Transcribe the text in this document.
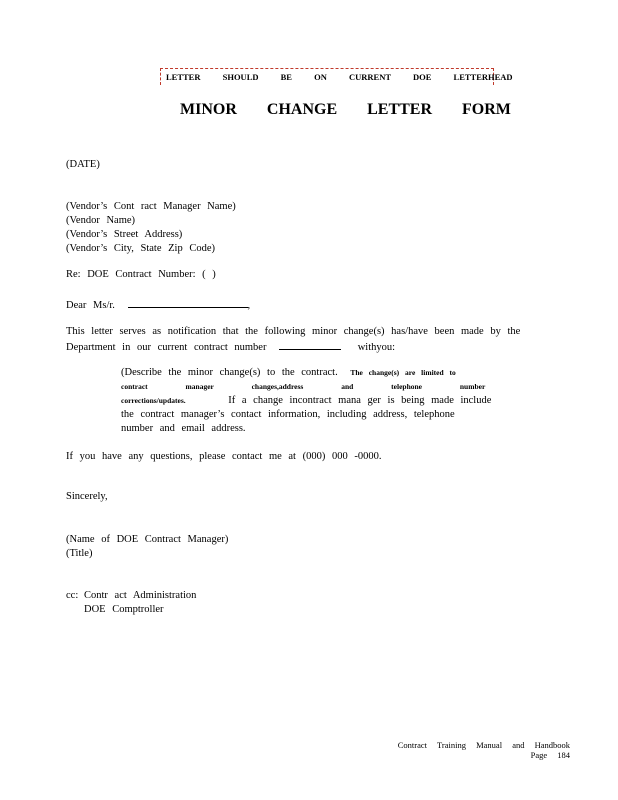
LETTER SHOULD BE ON CURRENT DOE LETTERHEAD
MINOR CHANGE LETTER FORM
(DATE)
(Vendor’s Cont ract Manager Name)
(Vendor Name)
(Vendor’s Street Address)
(Vendor’s City, State Zip Code)
Re: DOE Contract Number: ( )
Dear Ms/r.	,
This letter serves as notification that the following minor change(s) has/have been made by the
Department in our current contract number	withyou:
(Describe the minor change(s) to the contract. The change(s) are limited to
contract manager changes,address and telephone number
corrections/updates.	If a change incontract mana ger is being made include
the contract manager’s contact information, including address, telephone
number and email address.
If you have any questions, please contact me at (000) 000 -0000.
Sincerely,
(Name of DOE Contract Manager)
(Title)
cc: Contr act Administration
DOE Comptroller
Contract Training Manual and Handbook
Page 184
